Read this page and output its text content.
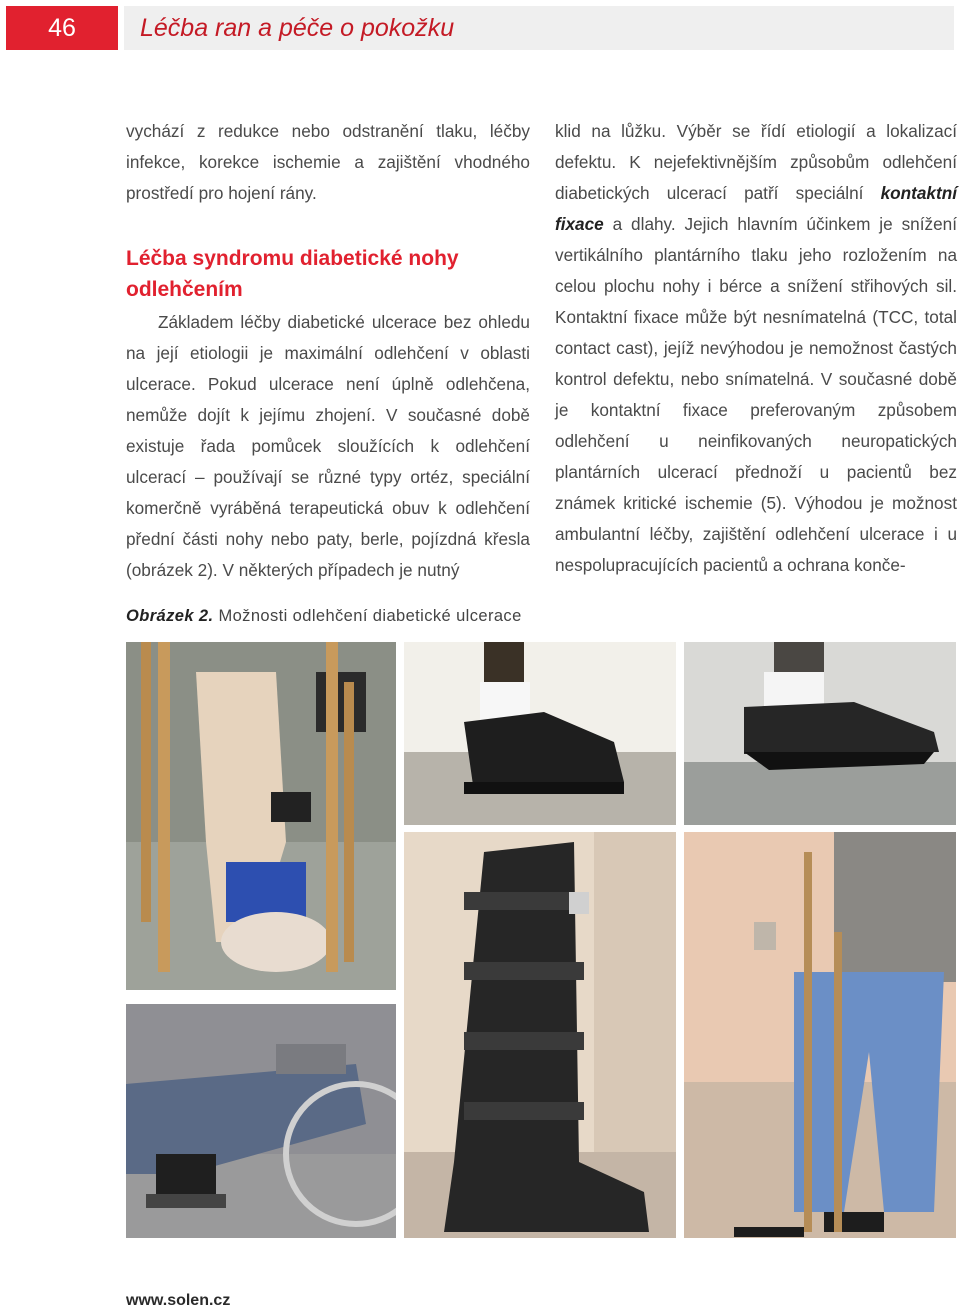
46	Léčba ran a péče o pokožku

vychází z redukce nebo odstranění tlaku, léčby infekce, korekce ischemie a zajištění vhodného prostředí pro hojení rány.

Léčba syndromu diabetické nohy odlehčením

Základem léčby diabetické ulcerace bez ohledu na její etiologii je maximální odlehčení v oblasti ulcerace. Pokud ulcerace není úplně odlehčena, nemůže dojít k jejímu zhojení. V současné době existuje řada pomůcek sloužících k odlehčení ulcerací – používají se různé typy ortéz, speciální komerčně vyráběná terapeutická obuv k odlehčení přední části nohy nebo paty, berle, pojízdná křesla (obrázek 2). V některých případech je nutný

klid na lůžku. Výběr se řídí etiologií a lokalizací defektu. K nejefektivnějším způsobům odlehčení diabetických ulcerací patří speciální kontaktní fixace a dlahy. Jejich hlavním účinkem je snížení vertikálního plantárního tlaku jeho rozložením na celou plochu nohy i bérce a snížení střihových sil. Kontaktní fixace může být nesnímatelná (TCC, total contact cast), jejíž nevýhodou je nemožnost častých kontrol defektu, nebo snímatelná. V současné době je kontaktní fixace preferovaným způsobem odlehčení u neinfikovaných neuropatických plantárních ulcerací přednoží u pacientů bez známek kritické ischemie (5). Výhodou je možnost ambulantní léčby, zajištění odlehčení ulcerace i u nespolupracujících pacientů a ochrana konče-

Obrázek 2. Možnosti odlehčení diabetické ulcerace
www.solen.cz
